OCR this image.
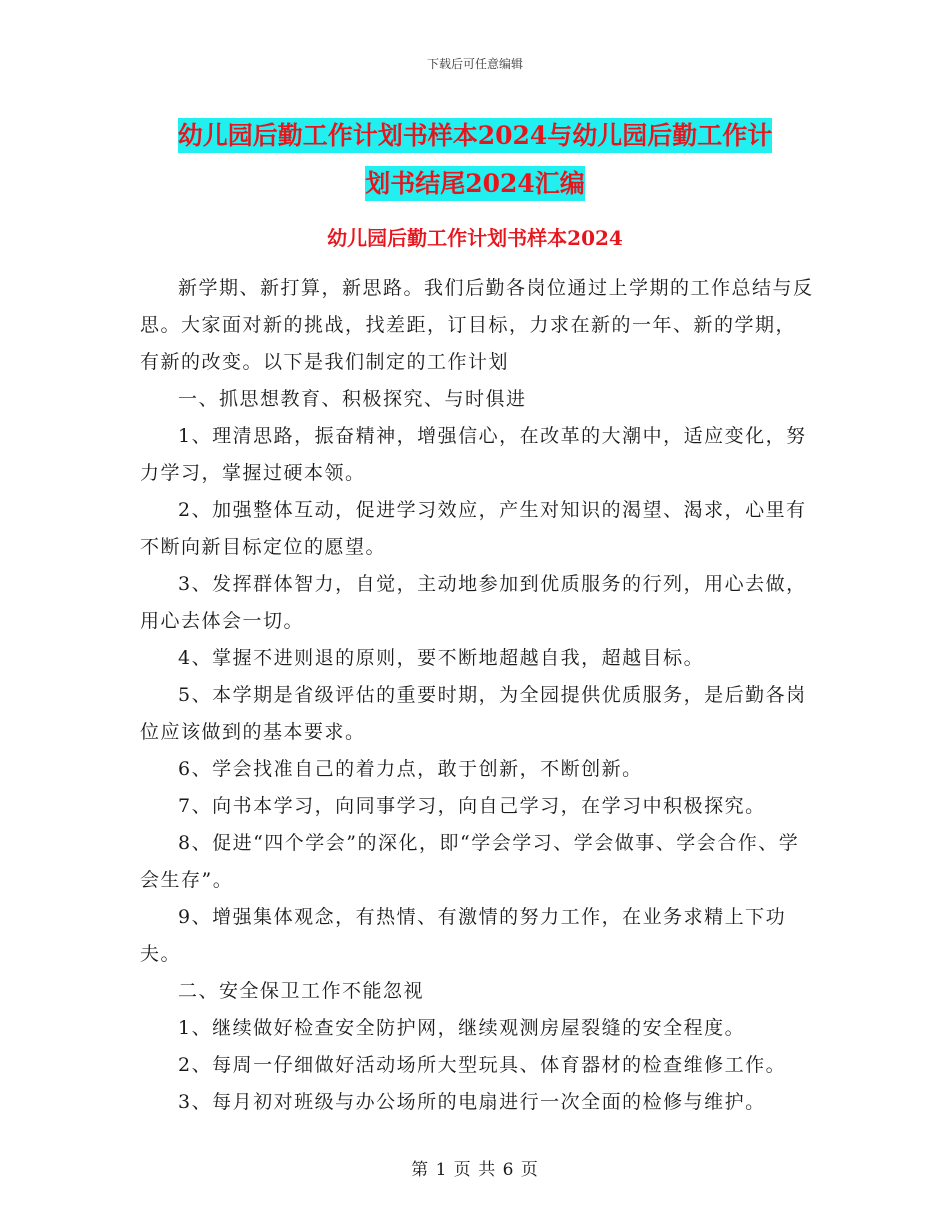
下载后可任意编辑
幼儿园后勤工作计划书样本2024与幼儿园后勤工作计
划书结尾2024汇编
幼儿园后勤工作计划书样本2024

新学期、新打算，新思路。我们后勤各岗位通过上学期的工作总结与反思。大家面对新的挑战，找差距，订目标，力求在新的一年、新的学期，有新的改变。以下是我们制定的工作计划

一、抓思想教育、积极探究、与时俱进

1、理清思路，振奋精神，增强信心，在改革的大潮中，适应变化，努力学习，掌握过硬本领。

2、加强整体互动，促进学习效应，产生对知识的渴望、渴求，心里有不断向新目标定位的愿望。

3、发挥群体智力，自觉，主动地参加到优质服务的行列，用心去做，用心去体会一切。

4、掌握不进则退的原则，要不断地超越自我，超越目标。

5、本学期是省级评估的重要时期，为全园提供优质服务，是后勤各岗位应该做到的基本要求。

6、学会找准自己的着力点，敢于创新，不断创新。

7、向书本学习，向同事学习，向自己学习，在学习中积极探究。

8、促进“四个学会”的深化，即“学会学习、学会做事、学会合作、学会生存”。

9、增强集体观念，有热情、有激情的努力工作，在业务求精上下功夫。

二、安全保卫工作不能忽视

1、继续做好检查安全防护网，继续观测房屋裂缝的安全程度。

2、每周一仔细做好活动场所大型玩具、体育器材的检查维修工作。

3、每月初对班级与办公场所的电扇进行一次全面的检修与维护。

第 1 页 共 6 页
